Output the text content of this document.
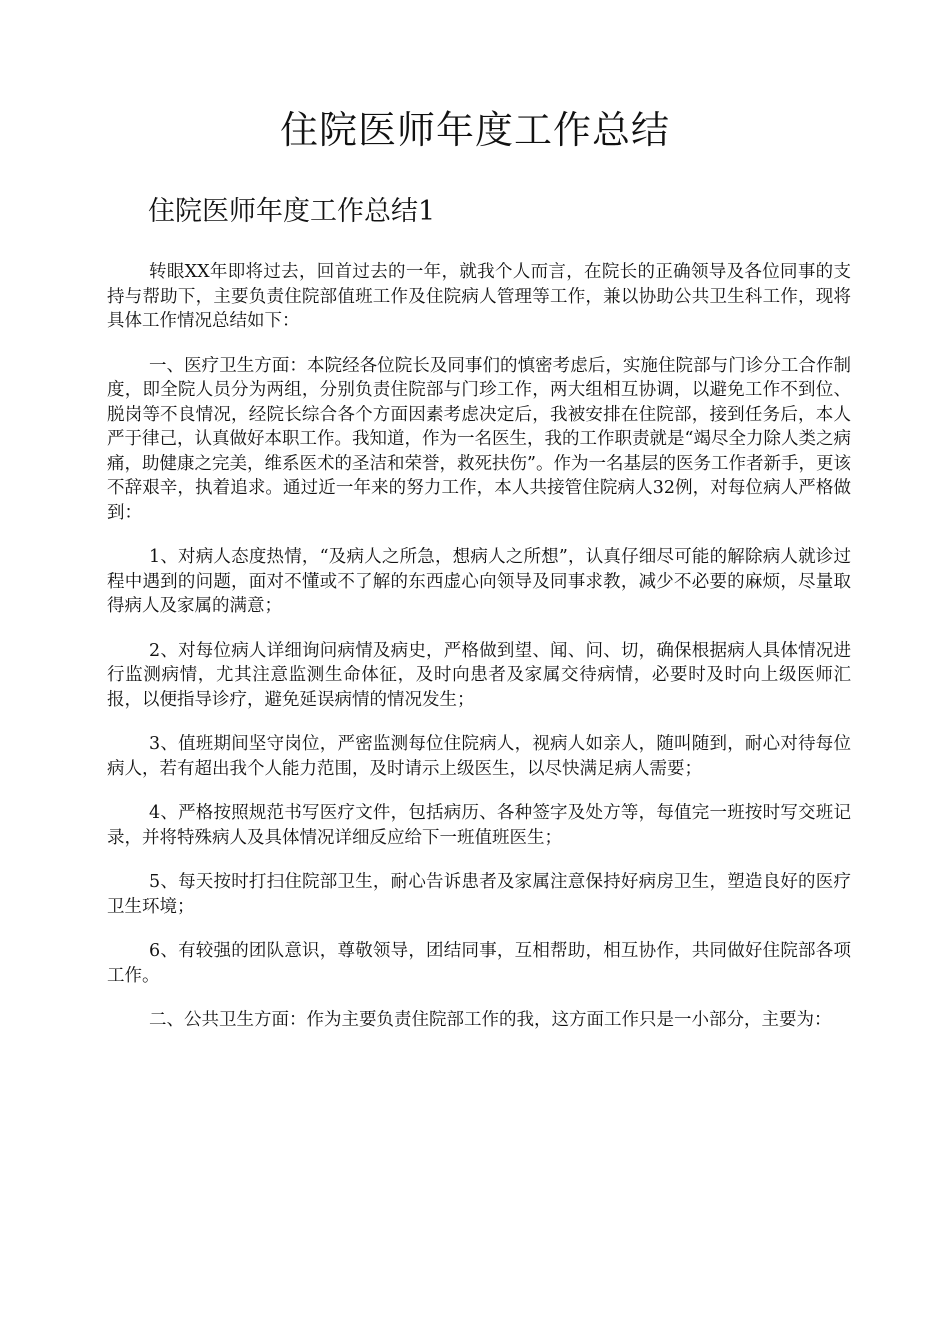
住院医师年度工作总结
住院医师年度工作总结1

转眼XX年即将过去，回首过去的一年，就我个人而言，在院长的正确领导及各位同事的支持与帮助下，主要负责住院部值班工作及住院病人管理等工作，兼以协助公共卫生科工作，现将具体工作情况总结如下：

一、医疗卫生方面：本院经各位院长及同事们的慎密考虑后，实施住院部与门诊分工合作制度，即全院人员分为两组，分别负责住院部与门珍工作，两大组相互协调，以避免工作不到位、脱岗等不良情况，经院长综合各个方面因素考虑决定后，我被安排在住院部，接到任务后，本人严于律己，认真做好本职工作。我知道，作为一名医生，我的工作职责就是“竭尽全力除人类之病痛，助健康之完美，维系医术的圣洁和荣誉，救死扶伤”。作为一名基层的医务工作者新手，更该不辞艰辛，执着追求。通过近一年来的努力工作，本人共接管住院病人32例，对每位病人严格做到：

1、对病人态度热情，“及病人之所急，想病人之所想”，认真仔细尽可能的解除病人就诊过程中遇到的问题，面对不懂或不了解的东西虚心向领导及同事求教，减少不必要的麻烦，尽量取得病人及家属的满意；

2、对每位病人详细询问病情及病史，严格做到望、闻、问、切，确保根据病人具体情况进行监测病情，尤其注意监测生命体征，及时向患者及家属交待病情，必要时及时向上级医师汇报，以便指导诊疗，避免延误病情的情况发生；

3、值班期间坚守岗位，严密监测每位住院病人，视病人如亲人，随叫随到，耐心对待每位病人，若有超出我个人能力范围，及时请示上级医生，以尽快满足病人需要；

4、严格按照规范书写医疗文件，包括病历、各种签字及处方等，每值完一班按时写交班记录，并将特殊病人及具体情况详细反应给下一班值班医生；

5、每天按时打扫住院部卫生，耐心告诉患者及家属注意保持好病房卫生，塑造良好的医疗卫生环境；

6、有较强的团队意识，尊敬领导，团结同事，互相帮助，相互协作，共同做好住院部各项工作。

二、公共卫生方面：作为主要负责住院部工作的我，这方面工作只是一小部分，主要为：
